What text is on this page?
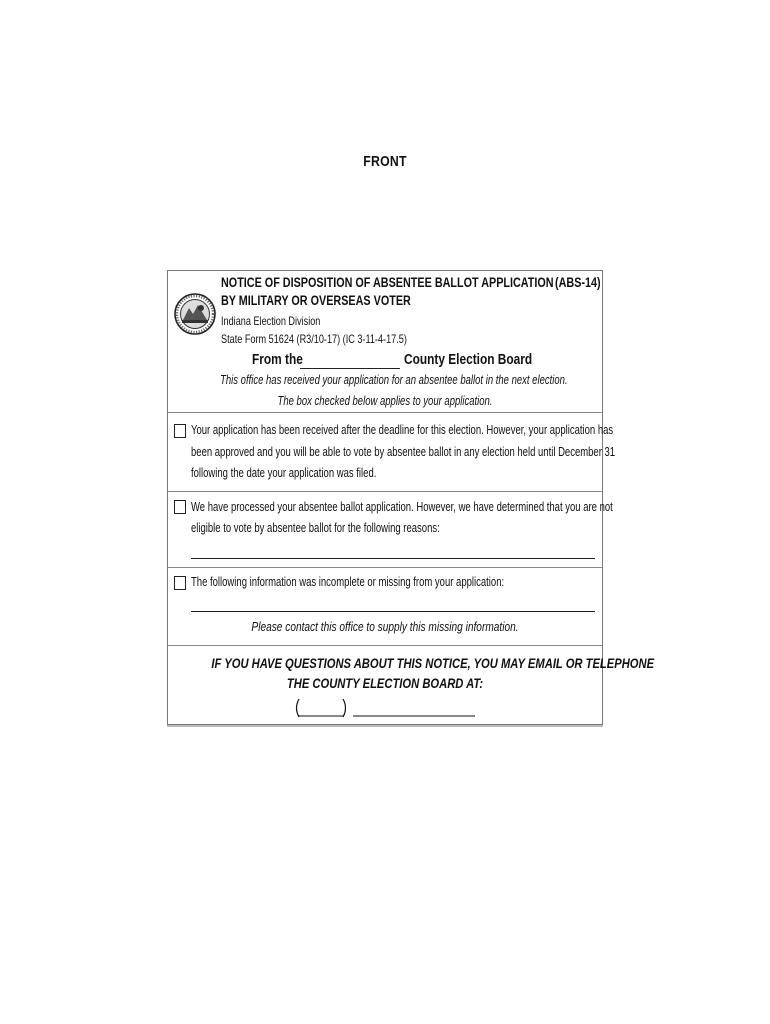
FRONT
NOTICE OF DISPOSITION OF ABSENTEE BALLOT APPLICATION (ABS-14)
BY MILITARY OR OVERSEAS VOTER
Indiana Election Division
State Form 51624 (R3/10-17) (IC 3-11-4-17.5)
From the	County Election Board
This office has received your application for an absentee ballot in the next election.
The box checked below applies to your application.
Your application has been received after the deadline for this election. However, your application has
been approved and you will be able to vote by absentee ballot in any election held until December 31
following the date your application was filed.
We have processed your absentee ballot application. However, we have determined that you are not
eligible to vote by absentee ballot for the following reasons:
The following information was incomplete or missing from your application:
Please contact this office to supply this missing information.
IF YOU HAVE QUESTIONS ABOUT THIS NOTICE, YOU MAY EMAIL OR TELEPHONE
THE COUNTY ELECTION BOARD AT:
